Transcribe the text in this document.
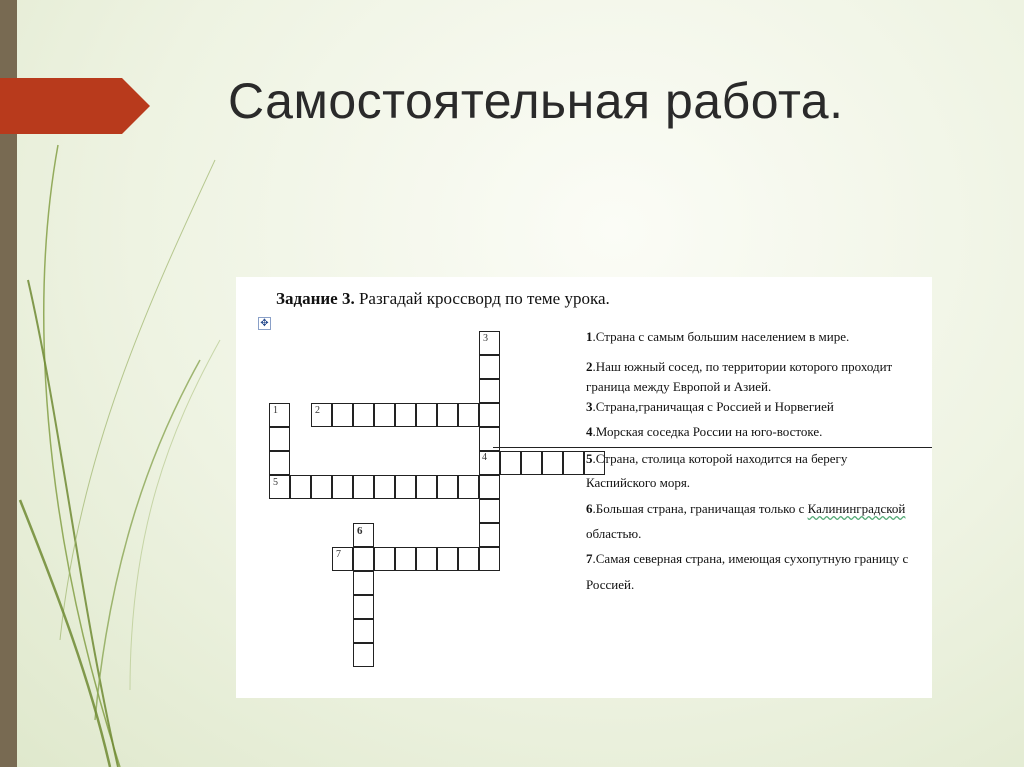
Самостоятельная работа.
Задание 3. Разгадай кроссворд по теме урока.
✥
3
1	2
5
7
6
4
1.Страна с самым большим населением в мире.
2.Наш южный сосед, по территории которого проходит
граница между Европой и Азией.
3.Страна,граничащая с Россией и Норвегией
4.Морская соседка России на юго-востоке.
5.Страна, столица которой находится на берегу
Каспийского моря.
6.Большая страна, граничащая только с Калининградской
областью.
7.Самая северная страна, имеющая сухопутную границу с
Россией.
